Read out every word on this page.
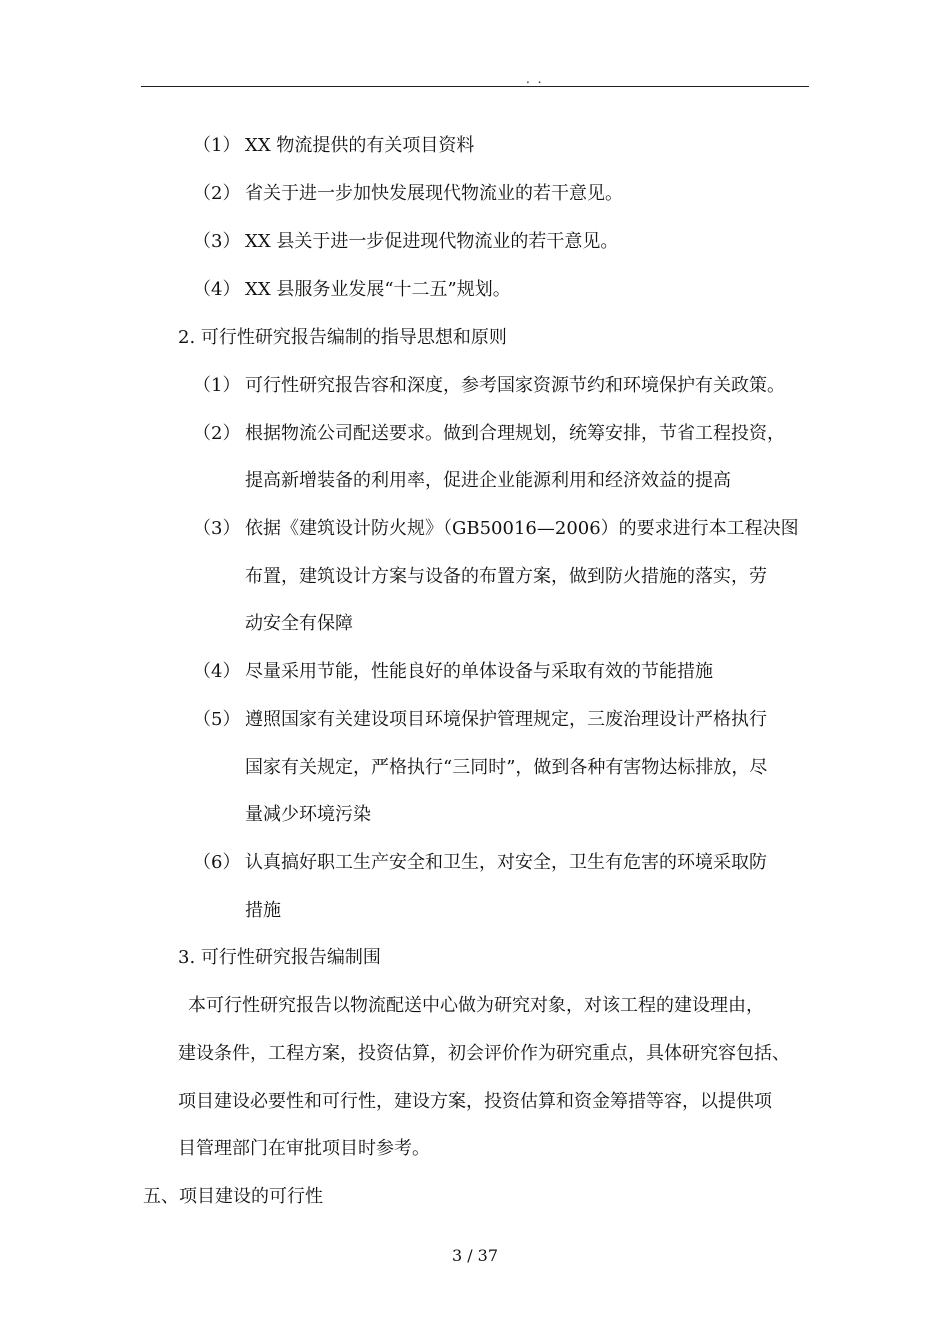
. .
（1） XX 物流提供的有关项目资料
（2） 省关于进一步加快发展现代物流业的若干意见。
（3） XX 县关于进一步促进现代物流业的若干意见。
（4） XX 县服务业发展“十二五”规划。
2. 可行性研究报告编制的指导思想和原则
（1） 可行性研究报告容和深度，参考国家资源节约和环境保护有关政策。
（2） 根据物流公司配送要求。做到合理规划，统筹安排，节省工程投资，
提高新增装备的利用率，促进企业能源利用和经济效益的提高
（3） 依据《建筑设计防火规》（GB50016—2006）的要求进行本工程决图
布置，建筑设计方案与设备的布置方案，做到防火措施的落实，劳
动安全有保障
（4） 尽量采用节能，性能良好的单体设备与采取有效的节能措施
（5） 遵照国家有关建设项目环境保护管理规定，三废治理设计严格执行
国家有关规定，严格执行“三同时”，做到各种有害物达标排放，尽
量减少环境污染
（6） 认真搞好职工生产安全和卫生，对安全，卫生有危害的环境采取防
措施
3. 可行性研究报告编制围
本可行性研究报告以物流配送中心做为研究对象，对该工程的建设理由，
建设条件，工程方案，投资估算，初会评价作为研究重点，具体研究容包括、
项目建设必要性和可行性，建设方案，投资估算和资金筹措等容，以提供项
目管理部门在审批项目时参考。
五、项目建设的可行性
3 / 37
